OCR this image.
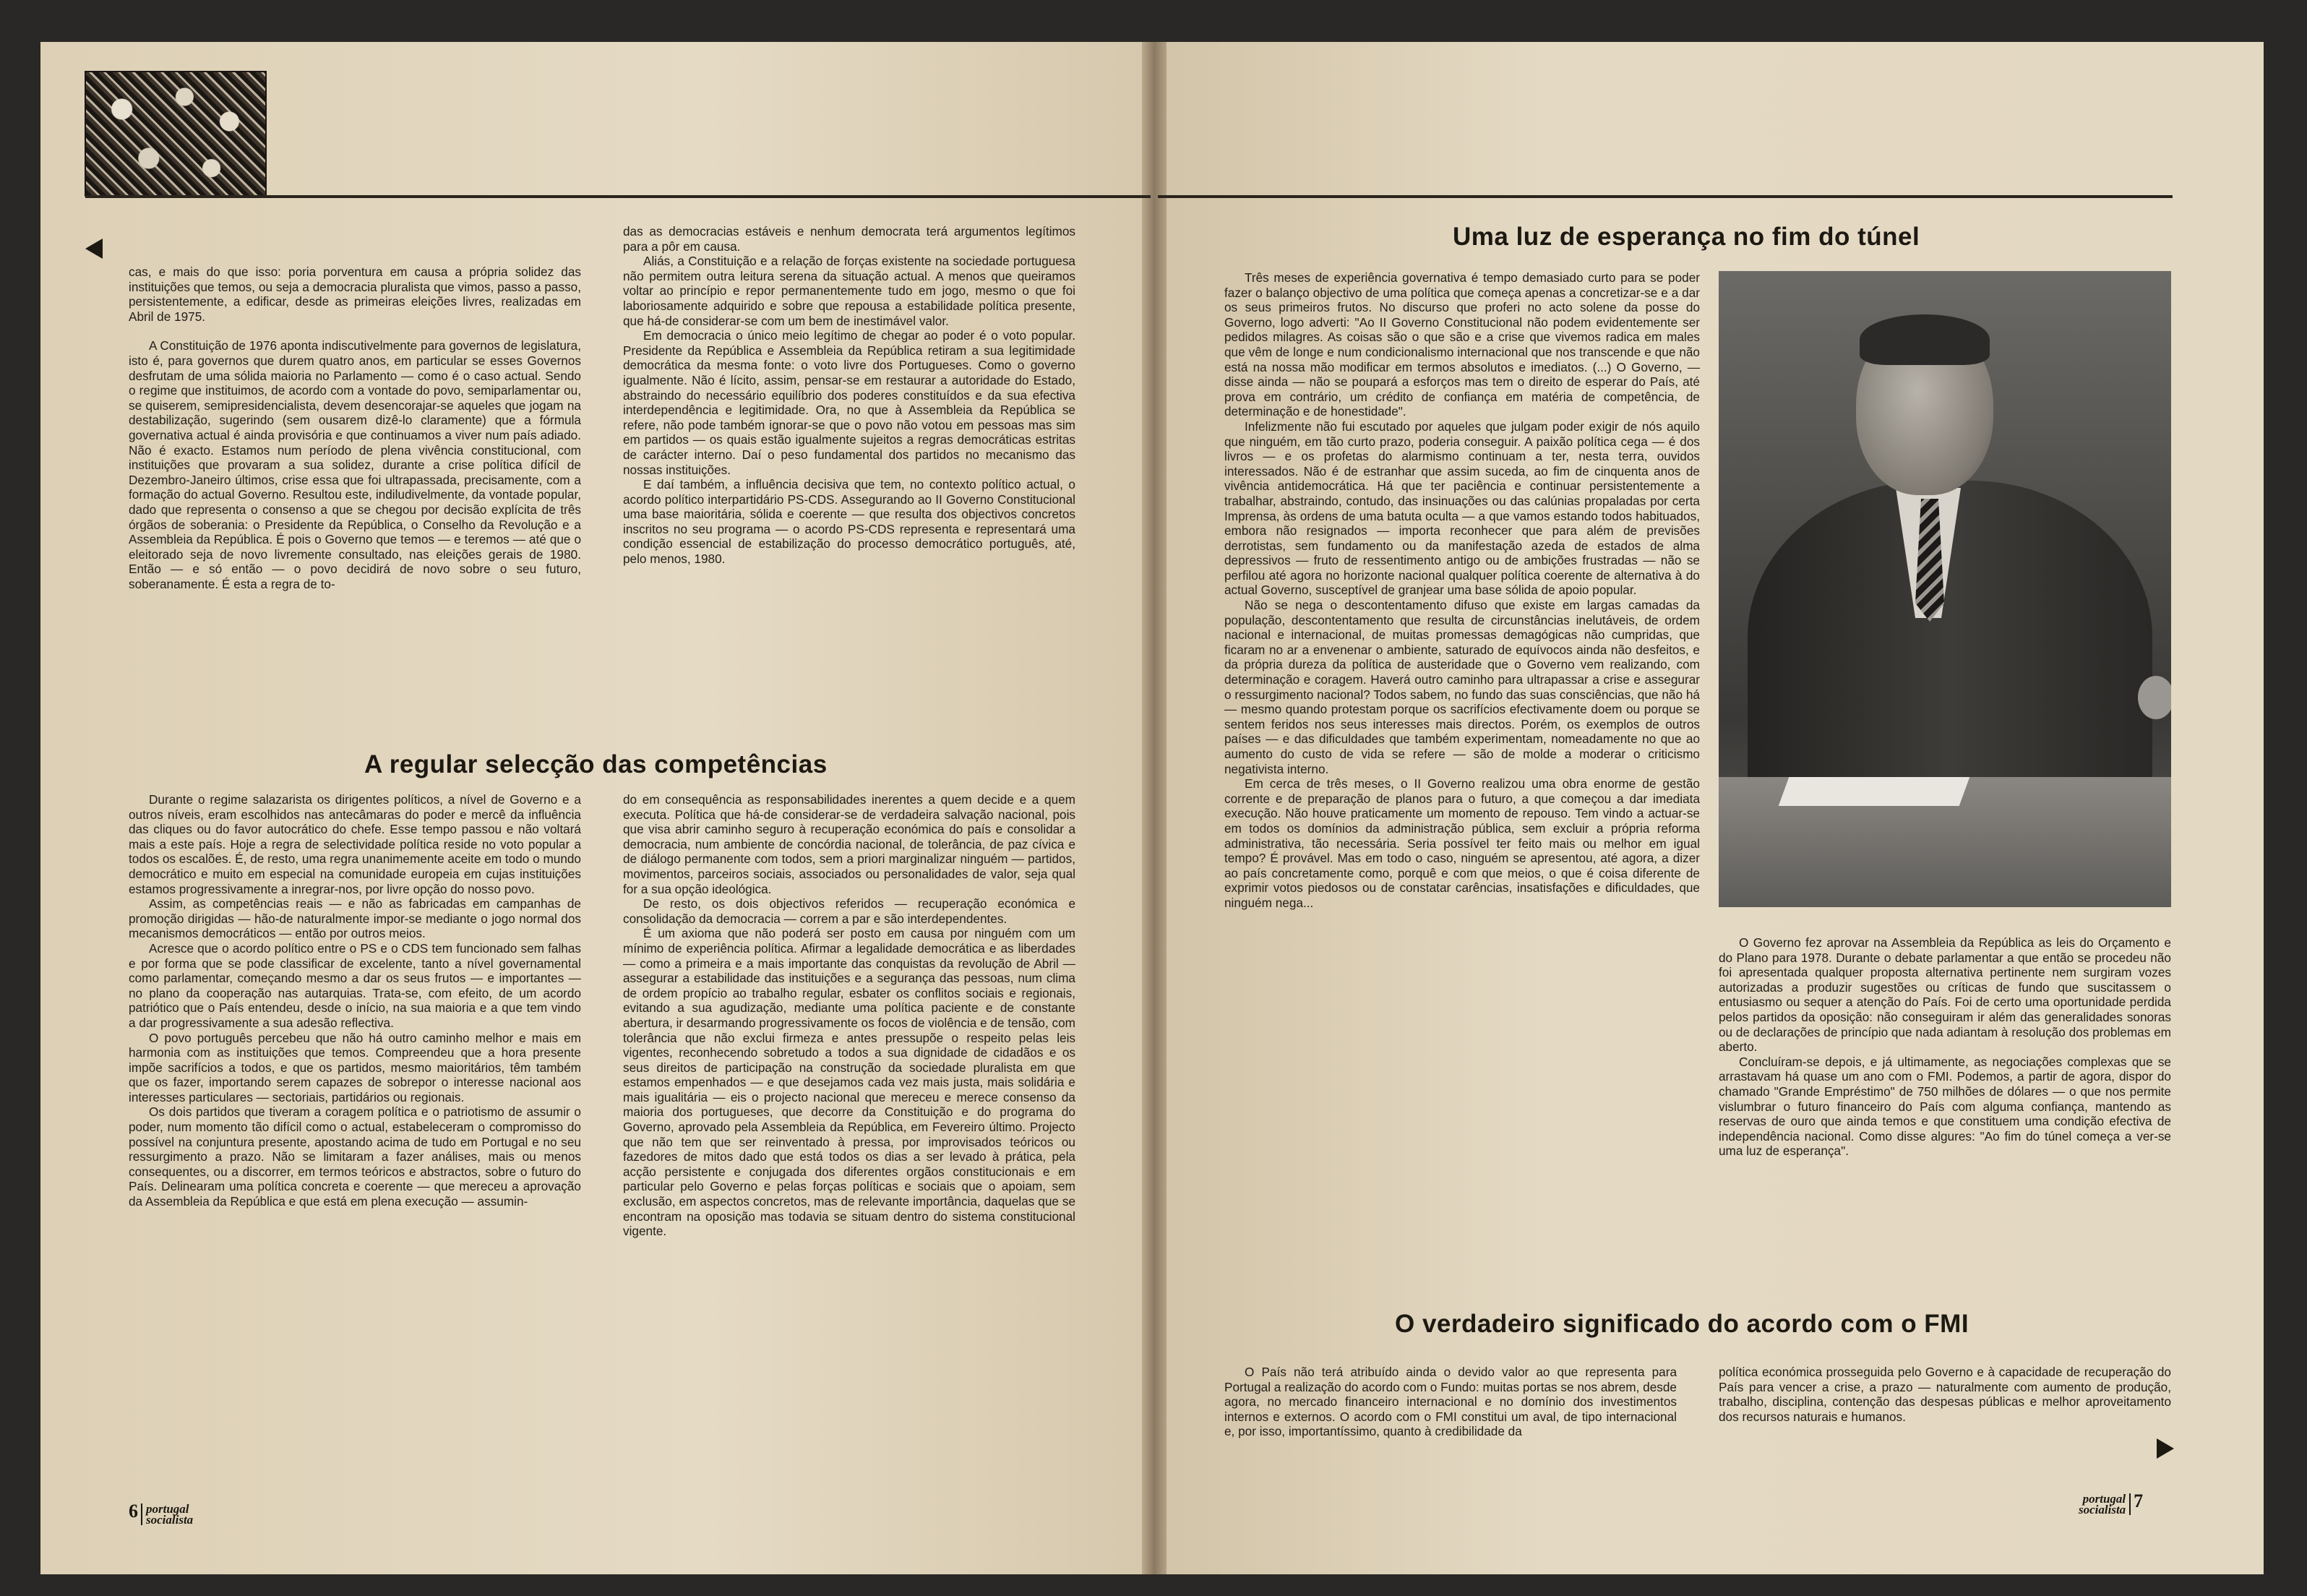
cas, e mais do que isso: poria porventura em causa a própria solidez das instituições que temos, ou seja a democracia pluralista que vimos, passo a passo, persistentemente, a edificar, desde as primeiras eleições livres, realizadas em Abril de 1975.

A Constituição de 1976 aponta indiscutivelmente para governos de legislatura, isto é, para governos que durem quatro anos, em particular se esses Governos desfrutam de uma sólida maioria no Parlamento — como é o caso actual. Sendo o regime que instituimos, de acordo com a vontade do povo, semiparlamentar ou, se quiserem, semipresidencialista, devem desencorajar-se aqueles que jogam na destabilização, sugerindo (sem ousarem dizê-lo claramente) que a fórmula governativa actual é ainda provisória e que continuamos a viver num país adiado. Não é exacto. Estamos num período de plena vivência constitucional, com instituições que provaram a sua solidez, durante a crise política difícil de Dezembro-Janeiro últimos, crise essa que foi ultrapassada, precisamente, com a formação do actual Governo. Resultou este, indiludivelmente, da vontade popular, dado que representa o consenso a que se chegou por decisão explícita de três órgãos de soberania: o Presidente da República, o Conselho da Revolução e a Assembleia da República. É pois o Governo que temos — e teremos — até que o eleitorado seja de novo livremente consultado, nas eleições gerais de 1980. Então — e só então — o povo decidirá de novo sobre o seu futuro, soberanamente. É esta a regra de to-

das as democracias estáveis e nenhum democrata terá argumentos legítimos para a pôr em causa.

Aliás, a Constituição e a relação de forças existente na sociedade portuguesa não permitem outra leitura serena da situação actual. A menos que queiramos voltar ao princípio e repor permanentemente tudo em jogo, mesmo o que foi laboriosamente adquirido e sobre que repousa a estabilidade política presente, que há-de considerar-se com um bem de inestimável valor.

Em democracia o único meio legítimo de chegar ao poder é o voto popular. Presidente da República e Assembleia da República retiram a sua legitimidade democrática da mesma fonte: o voto livre dos Portugueses. Como o governo igualmente. Não é lícito, assim, pensar-se em restaurar a autoridade do Estado, abstraindo do necessário equilíbrio dos poderes constituídos e da sua efectiva interdependência e legitimidade. Ora, no que à Assembleia da República se refere, não pode também ignorar-se que o povo não votou em pessoas mas sim em partidos — os quais estão igualmente sujeitos a regras democráticas estritas de carácter interno. Daí o peso fundamental dos partidos no mecanismo das nossas instituições.

E daí também, a influência decisiva que tem, no contexto político actual, o acordo político interpartidário PS-CDS. Assegurando ao II Governo Constitucional uma base maioritária, sólida e coerente — que resulta dos objectivos concretos inscritos no seu programa — o acordo PS-CDS representa e representará uma condição essencial de estabilização do processo democrático português, até, pelo menos, 1980.

A regular selecção das competências

Durante o regime salazarista os dirigentes políticos, a nível de Governo e a outros níveis, eram escolhidos nas antecâmaras do poder e mercê da influência das cliques ou do favor autocrático do chefe. Esse tempo passou e não voltará mais a este país. Hoje a regra de selectividade política reside no voto popular a todos os escalões. É, de resto, uma regra unanimemente aceite em todo o mundo democrático e muito em especial na comunidade europeia em cujas instituições estamos progressivamente a inregrar-nos, por livre opção do nosso povo.

Assim, as competências reais — e não as fabricadas em campanhas de promoção dirigidas — hão-de naturalmente impor-se mediante o jogo normal dos mecanismos democráticos — então por outros meios.

Acresce que o acordo político entre o PS e o CDS tem funcionado sem falhas e por forma que se pode classificar de excelente, tanto a nível governamental como parlamentar, começando mesmo a dar os seus frutos — e importantes — no plano da cooperação nas autarquias. Trata-se, com efeito, de um acordo patriótico que o País entendeu, desde o início, na sua maioria e a que tem vindo a dar progressivamente a sua adesão reflectiva.

O povo português percebeu que não há outro caminho melhor e mais em harmonia com as instituições que temos. Compreendeu que a hora presente impõe sacrifícios a todos, e que os partidos, mesmo maioritários, têm também que os fazer, importando serem capazes de sobrepor o interesse nacional aos interesses particulares — sectoriais, partidários ou regionais.

Os dois partidos que tiveram a coragem política e o patriotismo de assumir o poder, num momento tão difícil como o actual, estabeleceram o compromisso do possível na conjuntura presente, apostando acima de tudo em Portugal e no seu ressurgimento a prazo. Não se limitaram a fazer análises, mais ou menos consequentes, ou a discorrer, em termos teóricos e abstractos, sobre o futuro do País. Delinearam uma política concreta e coerente — que mereceu a aprovação da Assembleia da República e que está em plena execução — assumin-

do em consequência as responsabilidades inerentes a quem decide e a quem executa. Política que há-de considerar-se de verdadeira salvação nacional, pois que visa abrir caminho seguro à recuperação económica do país e consolidar a democracia, num ambiente de concórdia nacional, de tolerância, de paz cívica e de diálogo permanente com todos, sem a priori marginalizar ninguém — partidos, movimentos, parceiros sociais, associados ou personalidades de valor, seja qual for a sua opção ideológica.

De resto, os dois objectivos referidos — recuperação económica e consolidação da democracia — correm a par e são interdependentes.

É um axioma que não poderá ser posto em causa por ninguém com um mínimo de experiência política. Afirmar a legalidade democrática e as liberdades — como a primeira e a mais importante das conquistas da revolução de Abril — assegurar a estabilidade das instituições e a segurança das pessoas, num clima de ordem propício ao trabalho regular, esbater os conflitos sociais e regionais, evitando a sua agudização, mediante uma política paciente e de constante abertura, ir desarmando progressivamente os focos de violência e de tensão, com tolerância que não exclui firmeza e antes pressupõe o respeito pelas leis vigentes, reconhecendo sobretudo a todos a sua dignidade de cidadãos e os seus direitos de participação na construção da sociedade pluralista em que estamos empenhados — e que desejamos cada vez mais justa, mais solidária e mais igualitária — eis o projecto nacional que mereceu e merece consenso da maioria dos portugueses, que decorre da Constituição e do programa do Governo, aprovado pela Assembleia da República, em Fevereiro último. Projecto que não tem que ser reinventado à pressa, por improvisados teóricos ou fazedores de mitos dado que está todos os dias a ser levado à prática, pela acção persistente e conjugada dos diferentes orgãos constitucionais e em particular pelo Governo e pelas forças políticas e sociais que o apoiam, sem exclusão, em aspectos concretos, mas de relevante importância, daquelas que se encontram na oposição mas todavia se situam dentro do sistema constitucional vigente.

6 portugal
socialista
Uma luz de esperança no fim do túnel

Três meses de experiência governativa é tempo demasiado curto para se poder fazer o balanço objectivo de uma política que começa apenas a concretizar-se e a dar os seus primeiros frutos. No discurso que proferi no acto solene da posse do Governo, logo adverti: "Ao II Governo Constitucional não podem evidentemente ser pedidos milagres. As coisas são o que são e a crise que vivemos radica em males que vêm de longe e num condicionalismo internacional que nos transcende e que não está na nossa mão modificar em termos absolutos e imediatos. (...) O Governo, — disse ainda — não se poupará a esforços mas tem o direito de esperar do País, até prova em contrário, um crédito de confiança em matéria de competência, de determinação e de honestidade".

Infelizmente não fui escutado por aqueles que julgam poder exigir de nós aquilo que ninguém, em tão curto prazo, poderia conseguir. A paixão política cega — é dos livros — e os profetas do alarmismo continuam a ter, nesta terra, ouvidos interessados. Não é de estranhar que assim suceda, ao fim de cinquenta anos de vivência antidemocrática. Há que ter paciência e continuar persistentemente a trabalhar, abstraindo, contudo, das insinuações ou das calúnias propaladas por certa Imprensa, às ordens de uma batuta oculta — a que vamos estando todos habituados, embora não resignados — importa reconhecer que para além de previsões derrotistas, sem fundamento ou da manifestação azeda de estados de alma depressivos — fruto de ressentimento antigo ou de ambições frustradas — não se perfilou até agora no horizonte nacional qualquer política coerente de alternativa à do actual Governo, susceptível de granjear uma base sólida de apoio popular.

Não se nega o descontentamento difuso que existe em largas camadas da população, descontentamento que resulta de circunstâncias inelutáveis, de ordem nacional e internacional, de muitas promessas demagógicas não cumpridas, que ficaram no ar a envenenar o ambiente, saturado de equívocos ainda não desfeitos, e da própria dureza da política de austeridade que o Governo vem realizando, com determinação e coragem. Haverá outro caminho para ultrapassar a crise e assegurar o ressurgimento nacional? Todos sabem, no fundo das suas consciências, que não há — mesmo quando protestam porque os sacrifícios efectivamente doem ou porque se sentem feridos nos seus interesses mais directos. Porém, os exemplos de outros países — e das dificuldades que também experimentam, nomeadamente no que ao aumento do custo de vida se refere — são de molde a moderar o criticismo negativista interno.

Em cerca de três meses, o II Governo realizou uma obra enorme de gestão corrente e de preparação de planos para o futuro, a que começou a dar imediata execução. Não houve praticamente um momento de repouso. Tem vindo a actuar-se em todos os domínios da administração pública, sem excluir a própria reforma administrativa, tão necessária. Seria possível ter feito mais ou melhor em igual tempo? É provável. Mas em todo o caso, ninguém se apresentou, até agora, a dizer ao país concretamente como, porquê e com que meios, o que é coisa diferente de exprimir votos piedosos ou de constatar carências, insatisfações e dificuldades, que ninguém nega...

O Governo fez aprovar na Assembleia da República as leis do Orçamento e do Plano para 1978. Durante o debate parlamentar a que então se procedeu não foi apresentada qualquer proposta alternativa pertinente nem surgiram vozes autorizadas a produzir sugestões ou críticas de fundo que suscitassem o entusiasmo ou sequer a atenção do País. Foi de certo uma oportunidade perdida pelos partidos da oposição: não conseguiram ir além das generalidades sonoras ou de declarações de princípio que nada adiantam à resolução dos problemas em aberto.

Concluíram-se depois, e já ultimamente, as negociações complexas que se arrastavam há quase um ano com o FMI. Podemos, a partir de agora, dispor do chamado "Grande Empréstimo" de 750 milhões de dólares — o que nos permite vislumbrar o futuro financeiro do País com alguma confiança, mantendo as reservas de ouro que ainda temos e que constituem uma condição efectiva de independência nacional. Como disse algures: "Ao fim do túnel começa a ver-se uma luz de esperança".

O verdadeiro significado do acordo com o FMI

O País não terá atribuído ainda o devido valor ao que representa para Portugal a realização do acordo com o Fundo: muitas portas se nos abrem, desde agora, no mercado financeiro internacional e no domínio dos investimentos internos e externos. O acordo com o FMI constitui um aval, de tipo internacional e, por isso, importantíssimo, quanto à credibilidade da

política económica prosseguida pelo Governo e à capacidade de recuperação do País para vencer a crise, a prazo — naturalmente com aumento de produção, trabalho, disciplina, contenção das despesas públicas e melhor aproveitamento dos recursos naturais e humanos.

portugal
socialista 7
